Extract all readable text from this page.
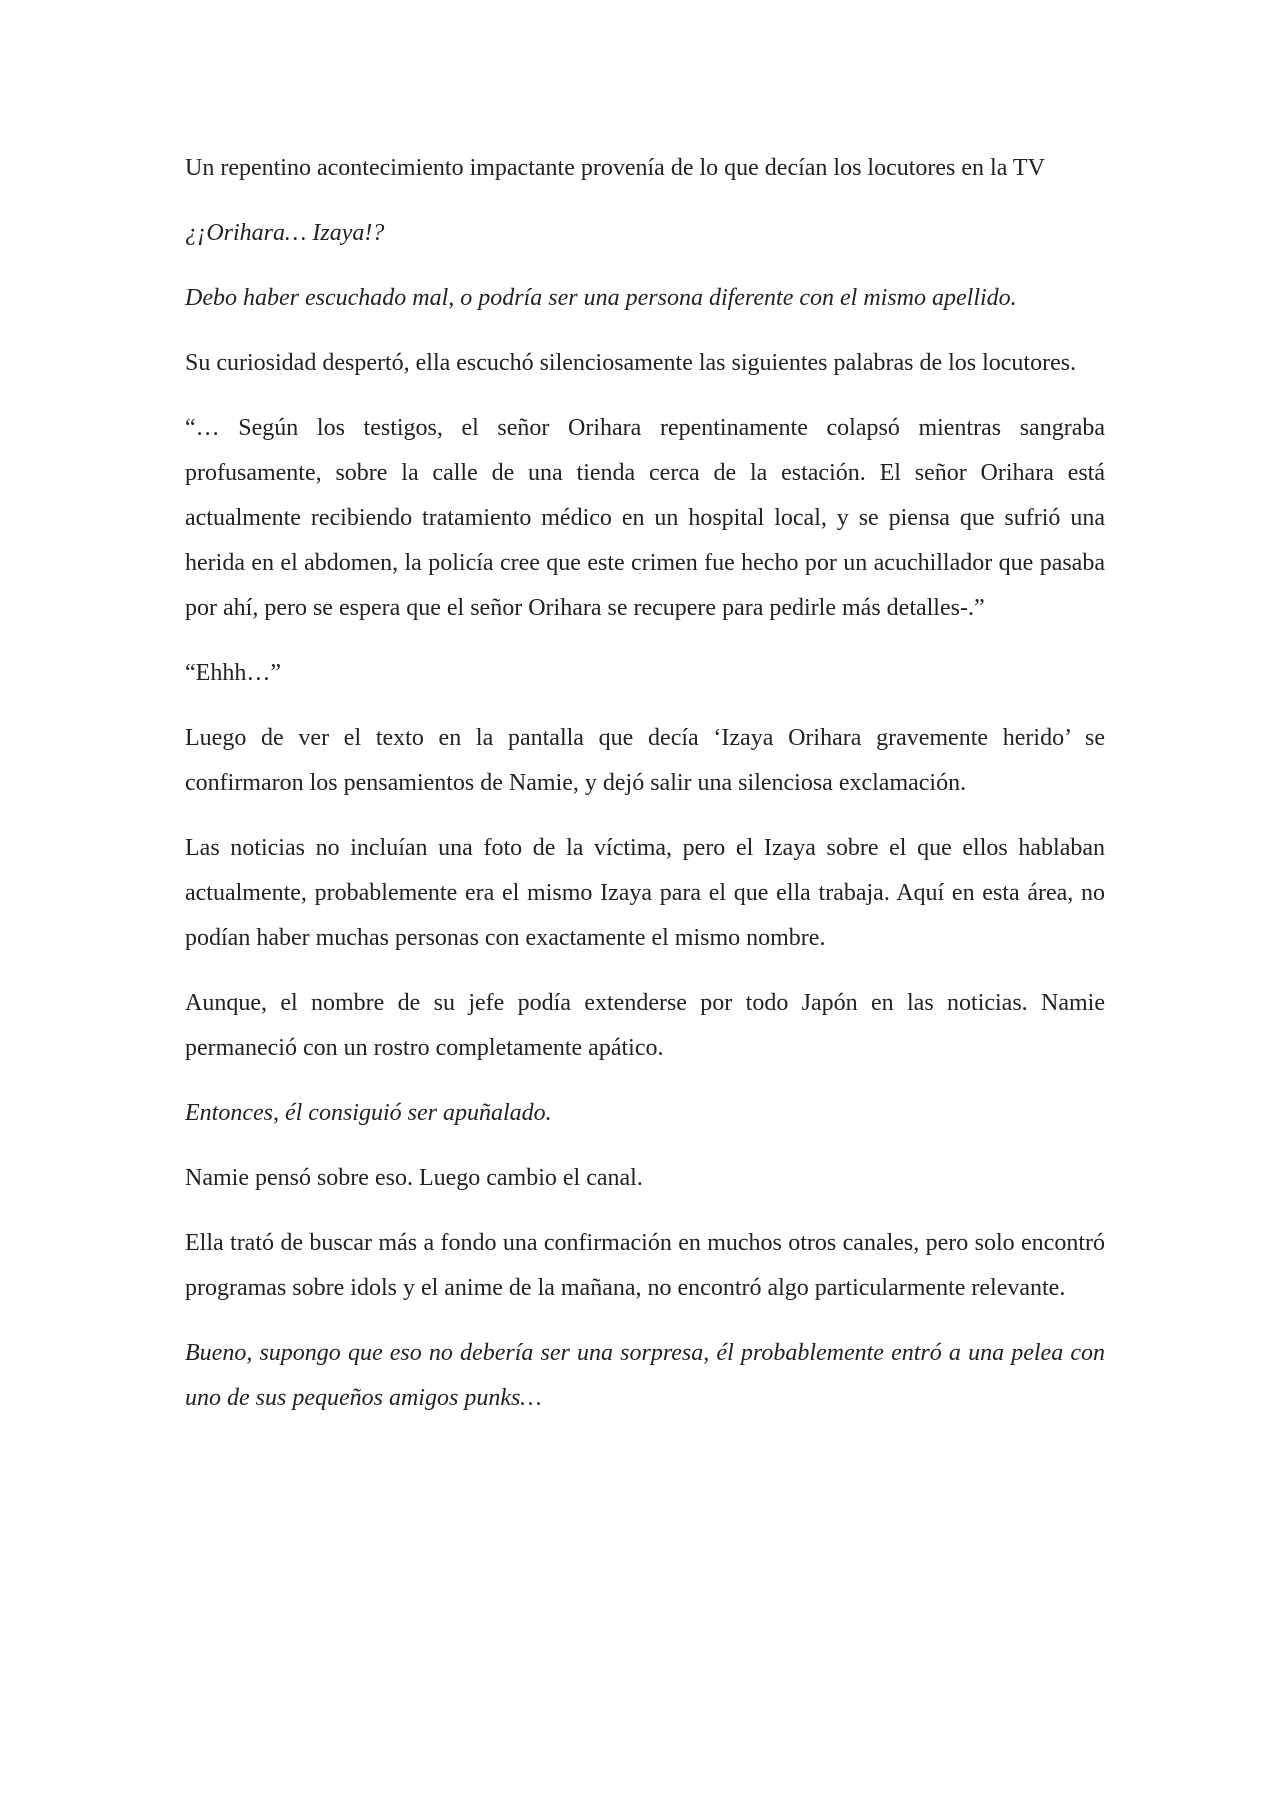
Un repentino acontecimiento impactante provenía de lo que decían los locutores en la TV

¿¡Orihara… Izaya!?

Debo haber escuchado mal, o podría ser una persona diferente con el mismo apellido.

Su curiosidad despertó, ella escuchó silenciosamente las siguientes palabras de los locutores.

“… Según los testigos, el señor Orihara repentinamente colapsó mientras sangraba profusamente, sobre la calle de una tienda cerca de la estación. El señor Orihara está actualmente recibiendo tratamiento médico en un hospital local, y se piensa que sufrió una herida en el abdomen, la policía cree que este crimen fue hecho por un acuchillador que pasaba por ahí, pero se espera que el señor Orihara se recupere para pedirle más detalles-.”

“Ehhh…”

Luego de ver el texto en la pantalla que decía ‘Izaya Orihara gravemente herido’ se confirmaron los pensamientos de Namie, y dejó salir una silenciosa exclamación.

Las noticias no incluían una foto de la víctima, pero el Izaya sobre el que ellos hablaban actualmente, probablemente era el mismo Izaya para el que ella trabaja. Aquí en esta área, no podían haber muchas personas con exactamente el mismo nombre.

Aunque, el nombre de su jefe podía extenderse por todo Japón en las noticias. Namie permaneció con un rostro completamente apático.

Entonces, él consiguió ser apuñalado.

Namie pensó sobre eso. Luego cambio el canal.

Ella trató de buscar más a fondo una confirmación en muchos otros canales, pero solo encontró programas sobre idols y el anime de la mañana, no encontró algo particularmente relevante.

Bueno, supongo que eso no debería ser una sorpresa, él probablemente entró a una pelea con uno de sus pequeños amigos punks…
